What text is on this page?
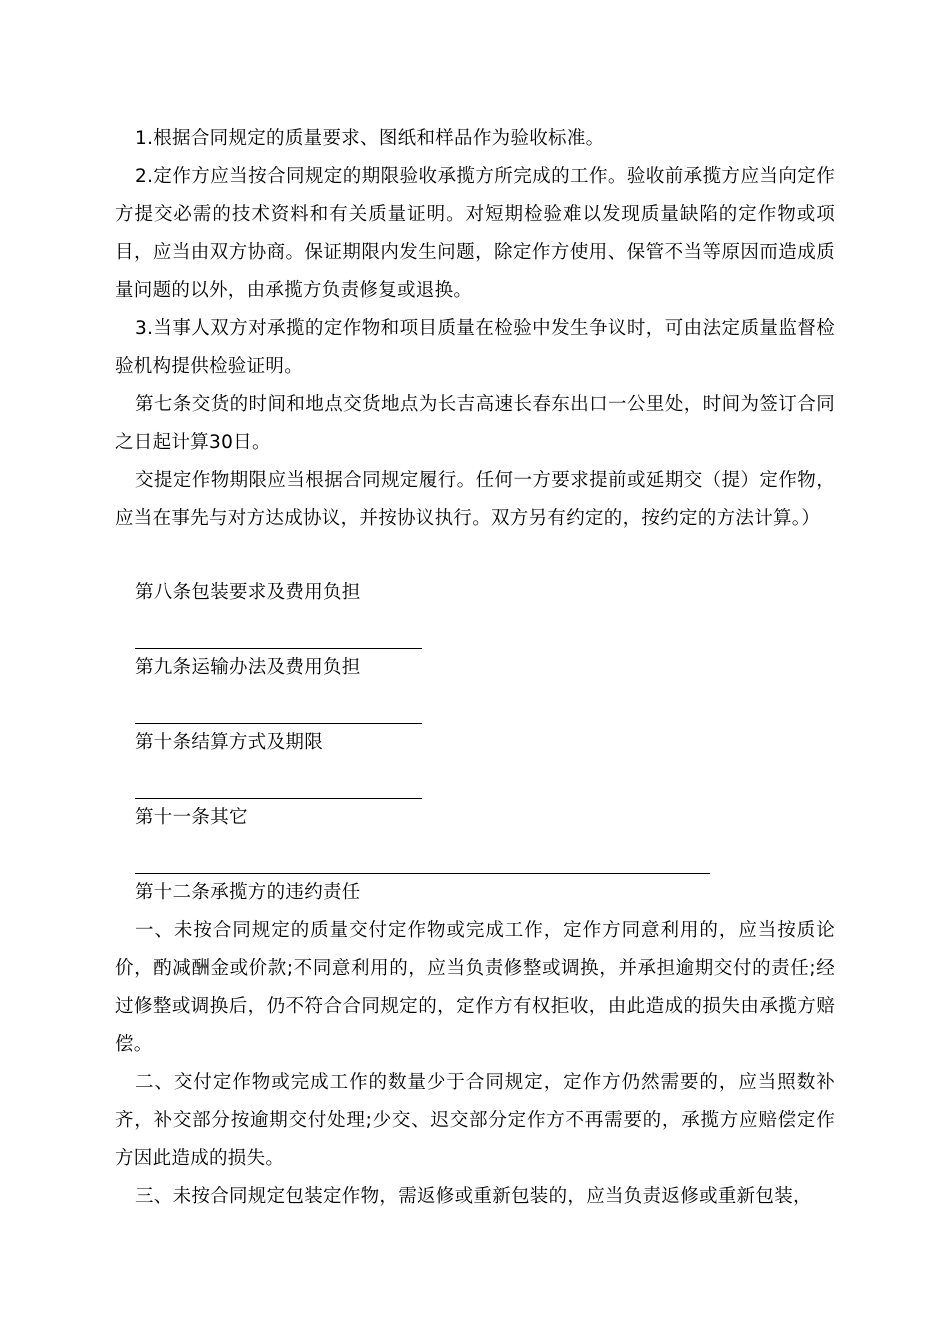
1.根据合同规定的质量要求、图纸和样品作为验收标准。

2.定作方应当按合同规定的期限验收承揽方所完成的工作。验收前承揽方应当向定作方提交必需的技术资料和有关质量证明。对短期检验难以发现质量缺陷的定作物或项目，应当由双方协商。保证期限内发生问题，除定作方使用、保管不当等原因而造成质量问题的以外，由承揽方负责修复或退换。

3.当事人双方对承揽的定作物和项目质量在检验中发生争议时，可由法定质量监督检验机构提供检验证明。

第七条交货的时间和地点交货地点为长吉高速长春东出口一公里处，时间为签订合同之日起计算30日。

交提定作物期限应当根据合同规定履行。任何一方要求提前或延期交（提）定作物，应当在事先与对方达成协议，并按协议执行。双方另有约定的，按约定的方法计算。）

第八条包装要求及费用负担

第九条运输办法及费用负担

第十条结算方式及期限

第十一条其它

第十二条承揽方的违约责任

一、未按合同规定的质量交付定作物或完成工作，定作方同意利用的，应当按质论价，酌减酬金或价款;不同意利用的，应当负责修整或调换，并承担逾期交付的责任;经过修整或调换后，仍不符合合同规定的，定作方有权拒收，由此造成的损失由承揽方赔偿。

二、交付定作物或完成工作的数量少于合同规定，定作方仍然需要的，应当照数补齐，补交部分按逾期交付处理;少交、迟交部分定作方不再需要的，承揽方应赔偿定作方因此造成的损失。

三、未按合同规定包装定作物，需返修或重新包装的，应当负责返修或重新包装，
